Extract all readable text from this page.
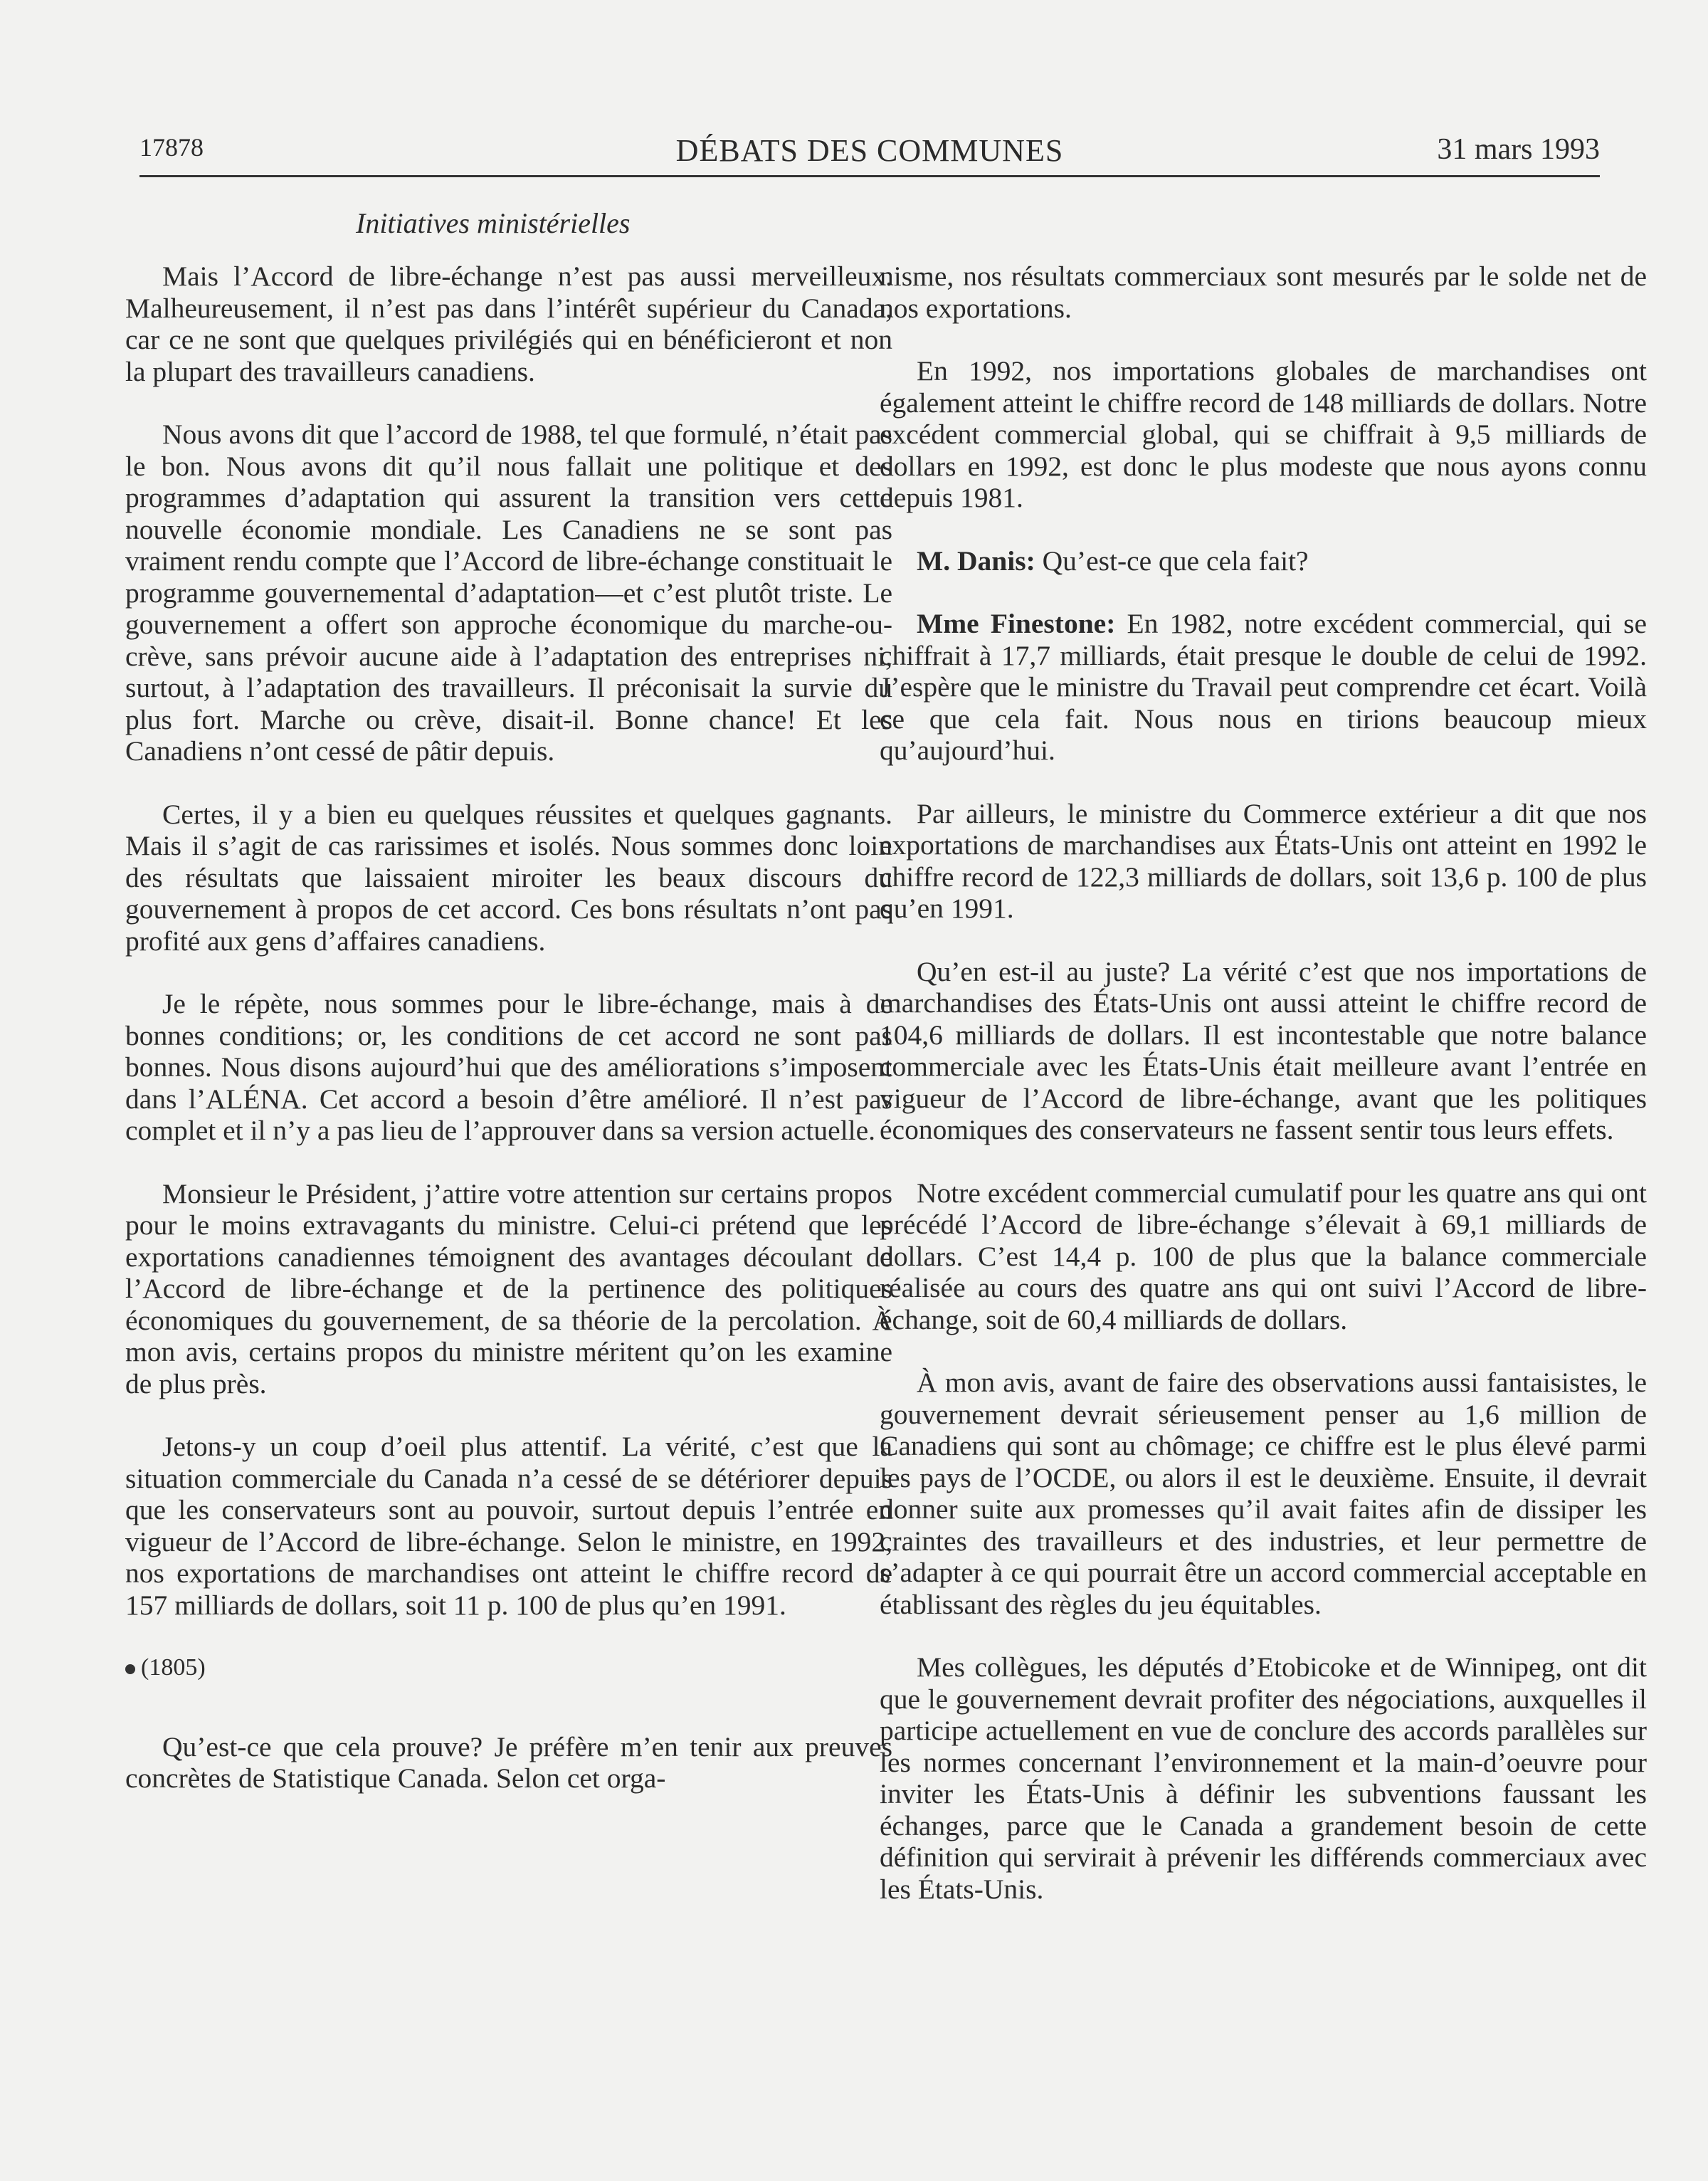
17878	DÉBATS DES COMMUNES	31 mars 1993
Initiatives ministérielles

Mais l’Accord de libre-échange n’est pas aussi merveilleux. Malheureusement, il n’est pas dans l’intérêt supérieur du Canada, car ce ne sont que quelques privilégiés qui en bénéficieront et non la plupart des travailleurs canadiens.

Nous avons dit que l’accord de 1988, tel que formulé, n’était pas le bon. Nous avons dit qu’il nous fallait une politique et des programmes d’adaptation qui assurent la transition vers cette nouvelle économie mondiale. Les Canadiens ne se sont pas vraiment rendu compte que l’Accord de libre-échange constituait le programme gouvernemental d’adaptation—et c’est plutôt triste. Le gouvernement a offert son approche économique du marche-ou-crève, sans prévoir aucune aide à l’adaptation des entreprises ni, surtout, à l’adaptation des travailleurs. Il préconisait la survie du plus fort. Marche ou crève, disait-il. Bonne chance! Et les Canadiens n’ont cessé de pâtir depuis.

Certes, il y a bien eu quelques réussites et quelques gagnants. Mais il s’agit de cas rarissimes et isolés. Nous sommes donc loin des résultats que laissaient miroiter les beaux discours du gouvernement à propos de cet accord. Ces bons résultats n’ont pas profité aux gens d’affaires canadiens.

Je le répète, nous sommes pour le libre-échange, mais à de bonnes conditions; or, les conditions de cet accord ne sont pas bonnes. Nous disons aujourd’hui que des améliorations s’imposent dans l’ALÉNA. Cet accord a besoin d’être amélioré. Il n’est pas complet et il n’y a pas lieu de l’approuver dans sa version actuelle.

Monsieur le Président, j’attire votre attention sur certains propos pour le moins extravagants du ministre. Celui-ci prétend que les exportations canadiennes témoignent des avantages découlant de l’Accord de libre-échange et de la pertinence des politiques économiques du gouvernement, de sa théorie de la percolation. À mon avis, certains propos du ministre méritent qu’on les examine de plus près.

Jetons-y un coup d’oeil plus attentif. La vérité, c’est que la situation commerciale du Canada n’a cessé de se détériorer depuis que les conservateurs sont au pouvoir, surtout depuis l’entrée en vigueur de l’Accord de libre-échange. Selon le ministre, en 1992, nos exportations de marchandises ont atteint le chiffre record de 157 milliards de dollars, soit 11 p. 100 de plus qu’en 1991.

(1805)

Qu’est-ce que cela prouve? Je préfère m’en tenir aux preuves concrètes de Statistique Canada. Selon cet orga-

nisme, nos résultats commerciaux sont mesurés par le solde net de nos exportations.

En 1992, nos importations globales de marchandises ont également atteint le chiffre record de 148 milliards de dollars. Notre excédent commercial global, qui se chiffrait à 9,5 milliards de dollars en 1992, est donc le plus modeste que nous ayons connu depuis 1981.

M. Danis: Qu’est-ce que cela fait?

Mme Finestone: En 1982, notre excédent commercial, qui se chiffrait à 17,7 milliards, était presque le double de celui de 1992. J’espère que le ministre du Travail peut comprendre cet écart. Voilà ce que cela fait. Nous nous en tirions beaucoup mieux qu’aujourd’hui.

Par ailleurs, le ministre du Commerce extérieur a dit que nos exportations de marchandises aux États-Unis ont atteint en 1992 le chiffre record de 122,3 milliards de dollars, soit 13,6 p. 100 de plus qu’en 1991.

Qu’en est-il au juste? La vérité c’est que nos importations de marchandises des États-Unis ont aussi atteint le chiffre record de 104,6 milliards de dollars. Il est incontestable que notre balance commerciale avec les États-Unis était meilleure avant l’entrée en vigueur de l’Accord de libre-échange, avant que les politiques économiques des conservateurs ne fassent sentir tous leurs effets.

Notre excédent commercial cumulatif pour les quatre ans qui ont précédé l’Accord de libre-échange s’élevait à 69,1 milliards de dollars. C’est 14,4 p. 100 de plus que la balance commerciale réalisée au cours des quatre ans qui ont suivi l’Accord de libre-échange, soit de 60,4 milliards de dollars.

À mon avis, avant de faire des observations aussi fantaisistes, le gouvernement devrait sérieusement penser au 1,6 million de Canadiens qui sont au chômage; ce chiffre est le plus élevé parmi les pays de l’OCDE, ou alors il est le deuxième. Ensuite, il devrait donner suite aux promesses qu’il avait faites afin de dissiper les craintes des travailleurs et des industries, et leur permettre de s’adapter à ce qui pourrait être un accord commercial acceptable en établissant des règles du jeu équitables.

Mes collègues, les députés d’Etobicoke et de Winnipeg, ont dit que le gouvernement devrait profiter des négociations, auxquelles il participe actuellement en vue de conclure des accords parallèles sur les normes concernant l’environnement et la main-d’oeuvre pour inviter les États-Unis à définir les subventions faussant les échanges, parce que le Canada a grandement besoin de cette définition qui servirait à prévenir les différends commerciaux avec les États-Unis.
